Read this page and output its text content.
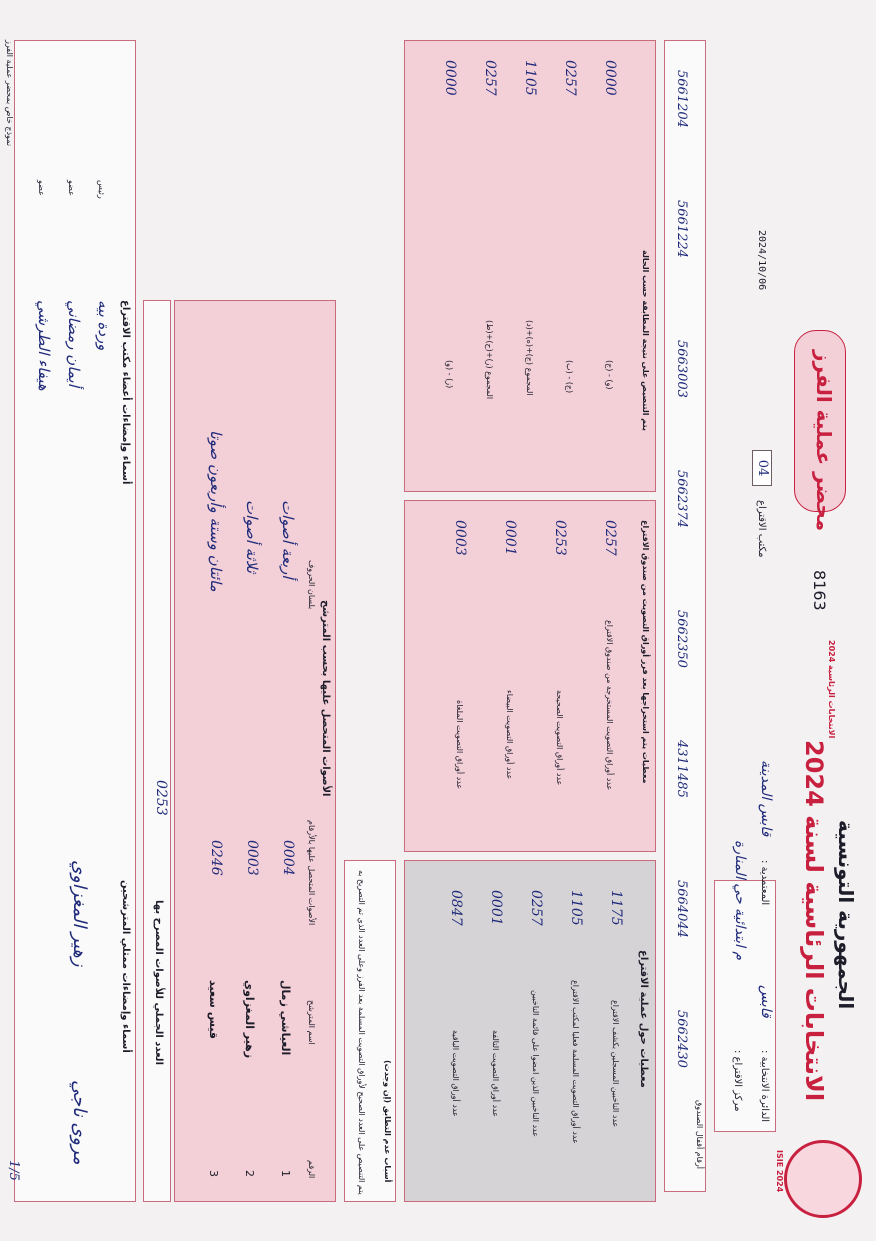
ISIE 2024
الجمهورية التونسية
الانتخابات الرئاسية لسنة 2024
الانتخابات الرئاسية 2024
8163
محضر عملية الفرز
الدائرة الانتخابية :
قابس
المعتمدية :
قابس المدينة
مركز الاقتراع :
م ابتدائية حي المنارة
مكتب الاقتراع
04
2024/10/06
أرقام أقفال الصندوق
5662430
5664044
4311485
5662350
5662374
5663003
5661224
5661204
معطيات حول عملية الاقتراع
عدد الناخبين المسجلين بكشف الاقتراع
1175
عدد أوراق التصويت المسلمة فعليا لمكتب الاقتراع
1105
عدد الناخبين الذين امضوا على قائمة الناخبين
0257
عدد أوراق التصويت التالفة
0001
عدد أوراق التصويت الباقية
0847
معطيات يتم استخراجها بعد فرز أوراق التصويت من صندوق الاقتراع
عدد أوراق التصويت المستخرجة من صندوق الاقتراع
0257
عدد أوراق التصويت الصحيحة
0253
عدد أوراق التصويت البيضاء
0001
عدد أوراق التصويت الملغاة
0003
يتم التنصيص على نتيجة المطابقة حسب الحالة
(ج) - (و)
0000
(ب) - (ج)
0257
المجموع (ج)+(ه)+(د)
1105
المجموع (ز)+(ح)+(ط)
0257
(و) - (ز)
0000
أسباب عدم التطابق (إن وجدت)
يتم التنصيص على العدد الصحيح لأوراق التصويت المسلمة بعد الفرز وعلى العدد الذي تم التصريح به
الأصوات المتحصل عليها بحسب المترشح
الرقم
اسم المترشح
الأصوات المتحصل عليها بالأرقام
بلسان الحروف
1
العياشي زمال
0004
أربعة أصوات
2
زهير المغزاوي
0003
ثلاثة أصوات
3
قيس سعيد
0246
مائتان وستة وأربعون صوتا
العدد الجملي للأصوات المصرح بها
0253
أسماء وإمضاءات ممثلي المترشحين
أسماء وإمضاءات أعضاء مكتب الاقتراع
زهير المغزاوي
مروى ناجي
رئيس
وردة بيه
عضو
أيمان رمضاني
عضو
هيفاء الطرشي
نموذج خاص بمحضر عملية الفرز
1/5
